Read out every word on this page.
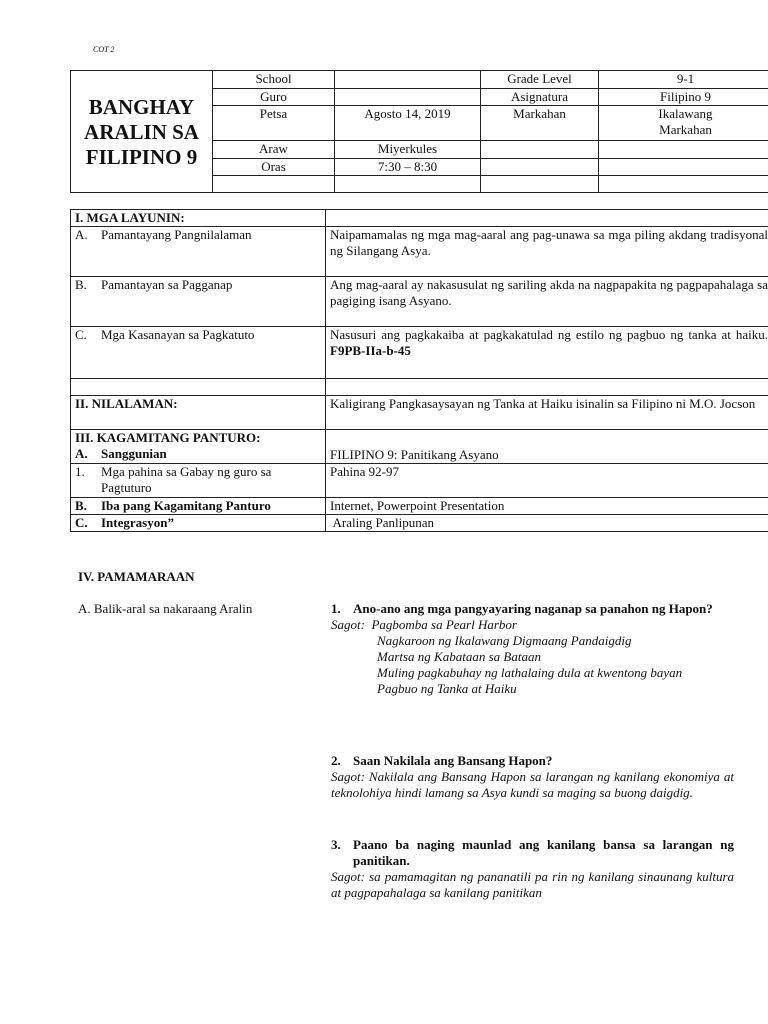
COT 2
BANGHAY
ARALIN SA
FILIPINO 9	School		Grade Level	9-1
	Guro		Asignatura	Filipino 9
	Petsa	Agosto 14, 2019	Markahan	Ikalawang
Markahan

	Araw	Miyerkules		
	Oras	7:30 – 8:30		

I. MGA LAYUNIN:	

A. Pamantayang Pangnilalaman	Naipamamalas ng mga mag-aaral ang pag-unawa sa mga piling akdang tradisyonal ng Silangang Asya.

B. Pamantayan sa Pagganap	Ang mag-aaral ay nakasusulat ng sariling akda na nagpapakita ng pagpapahalaga sa pagiging isang Asyano.

C. Mga Kasanayan sa Pagkatuto	Nasusuri ang pagkakaiba at pagkakatulad ng estilo ng pagbuo ng tanka at haiku. F9PB-IIa-b-45

II. NILALAMAN:	Kaligirang Pangkasaysayan ng Tanka at Haiku isinalin sa Filipino ni M.O. Jocson

III. KAGAMITANG PANTURO:
A. Sanggunian	FILIPINO 9: Panitikang Asyano

1. Mga pahina sa Gabay ng guro sa Pagtuturo	Pahina 92-97

B. Iba pang Kagamitang Panturo	Internet, Powerpoint Presentation

C. Integrasyon”	Araling Panlipunan
IV. PAMAMARAAN
A. Balik-aral sa nakaraang Aralin	1. Ano-ano ang mga pangyayaring naganap sa panahon ng Hapon?
Sagot: Pagbomba sa Pearl Harbor
Nagkaroon ng Ikalawang Digmaang Pandaigdig
Martsa ng Kabataan sa Bataan
Muling pagkabuhay ng lathalaing dula at kwentong bayan
Pagbuo ng Tanka at Haiku
2. Saan Nakilala ang Bansang Hapon?
Sagot: Nakilala ang Bansang Hapon sa larangan ng kanilang ekonomiya at teknolohiya hindi lamang sa Asya kundi sa maging sa buong daigdig.
3. Paano ba naging maunlad ang kanilang bansa sa larangan ng panitikan.
Sagot: sa pamamagitan ng pananatili pa rin ng kanilang sinaunang kultura at pagpapahalaga sa kanilang panitikan
